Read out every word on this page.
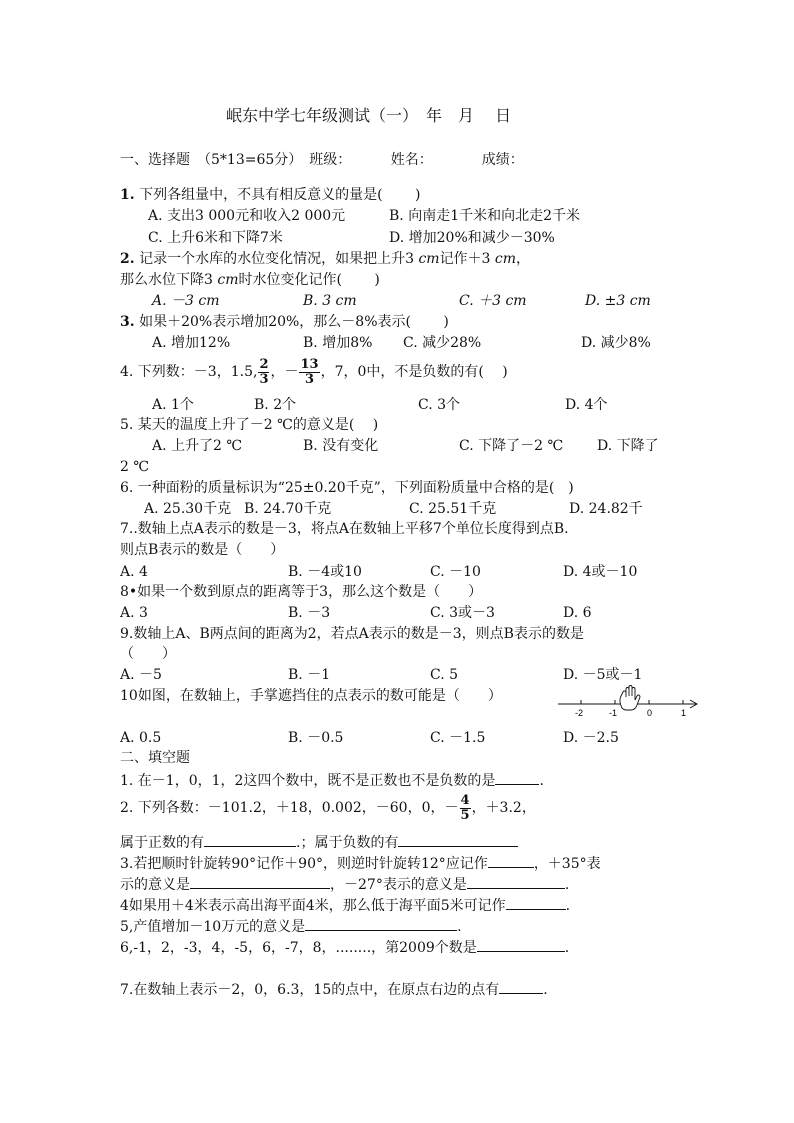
岷东中学七年级测试（一）　年　月　 日
一、选择题　（5*13=65分）　班级：　　　 姓名：　　　　成绩：
1. 下列各组量中，不具有相反意义的量是(　　 )
A. 支出3 000元和收入2 000元	B. 向南走1千米和向北走2千米
C. 上升6米和下降7米	D. 增加20%和减少－30%
2. 记录一个水库的水位变化情况，如果把上升3 cm记作＋3 cm，
那么水位下降3 cm时水位变化记作(　　 )
A. －3 cm	B. 3 cm	C. ＋3 cm	D. ±3 cm
3. 如果＋20%表示增加20%，那么－8%表示(　　 )
A. 增加12%	B. 增加8% C. 减少28%	D. 减少8%
4. 下列数：－3，1.5, $\frac{2}{3}$ ，－ $\frac{13}{3}$ ，7，0中，不是负数的有(　 )
A. 1个	B. 2个	C. 3个	D. 4个
5. 某天的温度上升了－2 ℃的意义是(　 )
A. 上升了2 ℃	B. 没有变化	C. 下降了－2 ℃ D. 下降了
2 ℃
6. 一种面粉的质量标识为“25±0.20千克”，下列面粉质量中合格的是(　)
A. 25.30千克 B. 24.70千克	C. 25.51千克	D. 24.82千
7..数轴上点A表示的数是－3，将点A在数轴上平移7个单位长度得到点B.
则点B表示的数是（　　）
A. 4	B. －4或10	C. －10	D. 4或－10
8•如果一个数到原点的距离等于3，那么这个数是（　　）
A. 3	B. －3	C. 3或－3	D. 6
9.数轴上A、B两点间的距离为2，若点A表示的数是－3，则点B表示的数是
（　　）
A. －5	B. －1	C. 5	D. －5或－1
10如图，在数轴上，手掌遮挡住的点表示的数可能是（　　）
-2	-1	0	1
A. 0.5	B. －0.5	C. －1.5	D. －2.5
二、填空题
1. 在－1，0，1，2这四个数中，既不是正数也不是负数的是	.
2. 下列各数：－101.2，＋18，0.002，－60，0，－ $\frac{4}{5}$ ，＋3.2，
属于正数的有	.；属于负数的有
3.若把顺时针旋转90°记作＋90°，则逆时针旋转12°应记作	，＋35°表
示的意义是	，－27°表示的意义是	.
4如果用＋4米表示高出海平面4米，那么低于海平面5米可记作	.
5,产值增加－10万元的意义是	.
6,-1，2，-3，4，-5，6，-7，8，........，第2009个数是	.
7.在数轴上表示－2，0，6.3，15的点中，在原点右边的点有	.
